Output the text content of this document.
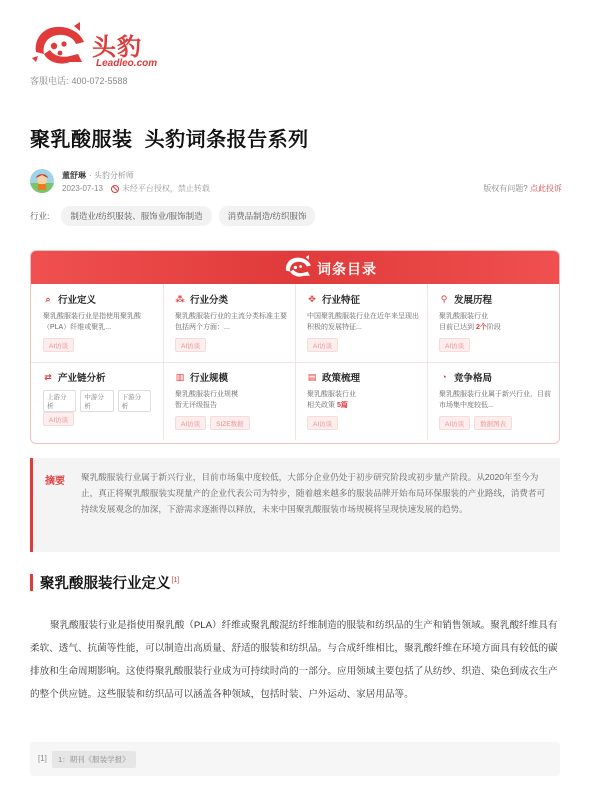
头豹
Leadleo.com
客服电话: 400-072-5588
聚乳酸服装  头豹词条报告系列
董舒琳 · 头豹分析师
2023-07-13 未经平台授权，禁止转载	版权有问题? 点此投诉
行业:	制造业/纺织服装、服饰业/服饰制造	消费品制造/纺织服饰
词条目录
⌕ 行业定义
聚乳酸服装行业是指使用聚乳酸（PLA）纤维或聚乳...
AI访谈
⁂ 行业分类
聚乳酸服装行业的主流分类标准主要包括两个方面：...
AI访谈
✥ 行业特征
中国聚乳酸服装行业在近年来呈现出积极的发展特征...
AI访谈
⚲ 发展历程
聚乳酸服装行业
目前已达到 2个阶段
AI访谈
⇄ 产业链分析
上游分析
中游分析
下游分析
AI访谈
▥ 行业规模
聚乳酸服装行业规模
暂无评级报告
AI访谈	SIZE数据
▤ 政策梳理
聚乳酸服装行业
相关政策 5篇
AI访谈
◔ 竞争格局
聚乳酸服装行业属于新兴行业，目前市场集中度较低...
AI访谈	数据图表
摘要 聚乳酸服装行业属于新兴行业，目前市场集中度较低，大部分企业仍处于初步研究阶段或初步量产阶段。从2020年至今为止，真正将聚乳酸服装实现量产的企业代表公司为特步，随着越来越多的服装品牌开始布局环保服装的产业路线，消费者可持续发展观念的加深，下游需求逐渐得以释放，未来中国聚乳酸服装市场规模将呈现快速发展的趋势。
聚乳酸服装行业定义[1]

聚乳酸服装行业是指使用聚乳酸（PLA）纤维或聚乳酸混纺纤维制造的服装和纺织品的生产和销售领域。聚乳酸纤维具有柔软、透气、抗菌等性能，可以制造出高质量、舒适的服装和纺织品。与合成纤维相比，聚乳酸纤维在环境方面具有较低的碳排放和生命周期影响。这使得聚乳酸服装行业成为可持续时尚的一部分。应用领域主要包括了从纺纱、织造、染色到成衣生产的整个供应链。这些服装和纺织品可以涵盖各种领域，包括时装、户外运动、家居用品等。

[1]	1：期刊《服装学报》
